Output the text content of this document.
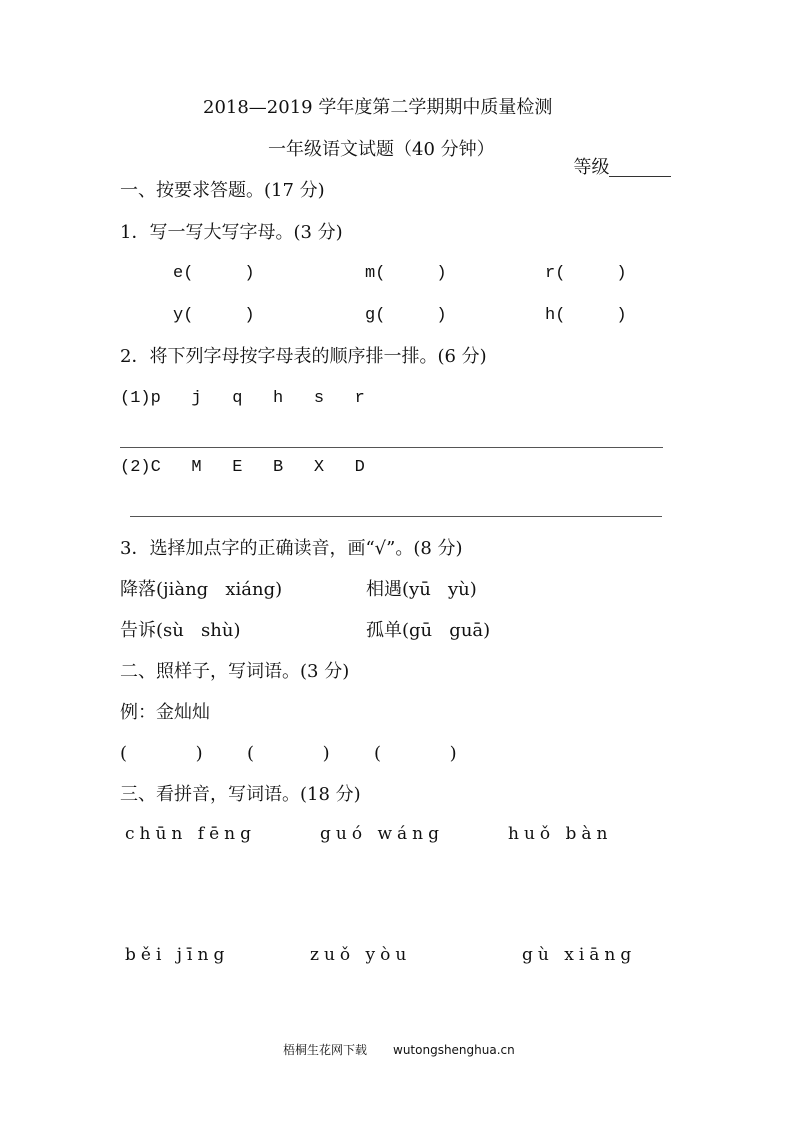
2018—2019 学年度第二学期期中质量检测
一年级语文试题（40 分钟）

等级

一、按要求答题。(17 分)
1．写一写大写字母。(3 分)
e(     )	m(     )	r(     )
y(     )	g(     )	h(     )
2．将下列字母按字母表的顺序排一排。(6 分)
(1)p   j   q   h   s   r
(2)C   M   E   B   X   D
3．选择加点字的正确读音，画“√”。(8 分)
降落(jiàng   xiáng)	相遇(yū   yù)
告诉(sù   shù)	孤单(gū   guā)
二、照样子，写词语。(3 分)
例：金灿灿
(            ) (            ) (            )
三、看拼音，写词语。(18 分)
chūn fēng	guó wáng	huǒ bàn
běi jīng	zuǒ yòu	gù xiāng
梧桐生花网下载 wutongshenghua.cn
